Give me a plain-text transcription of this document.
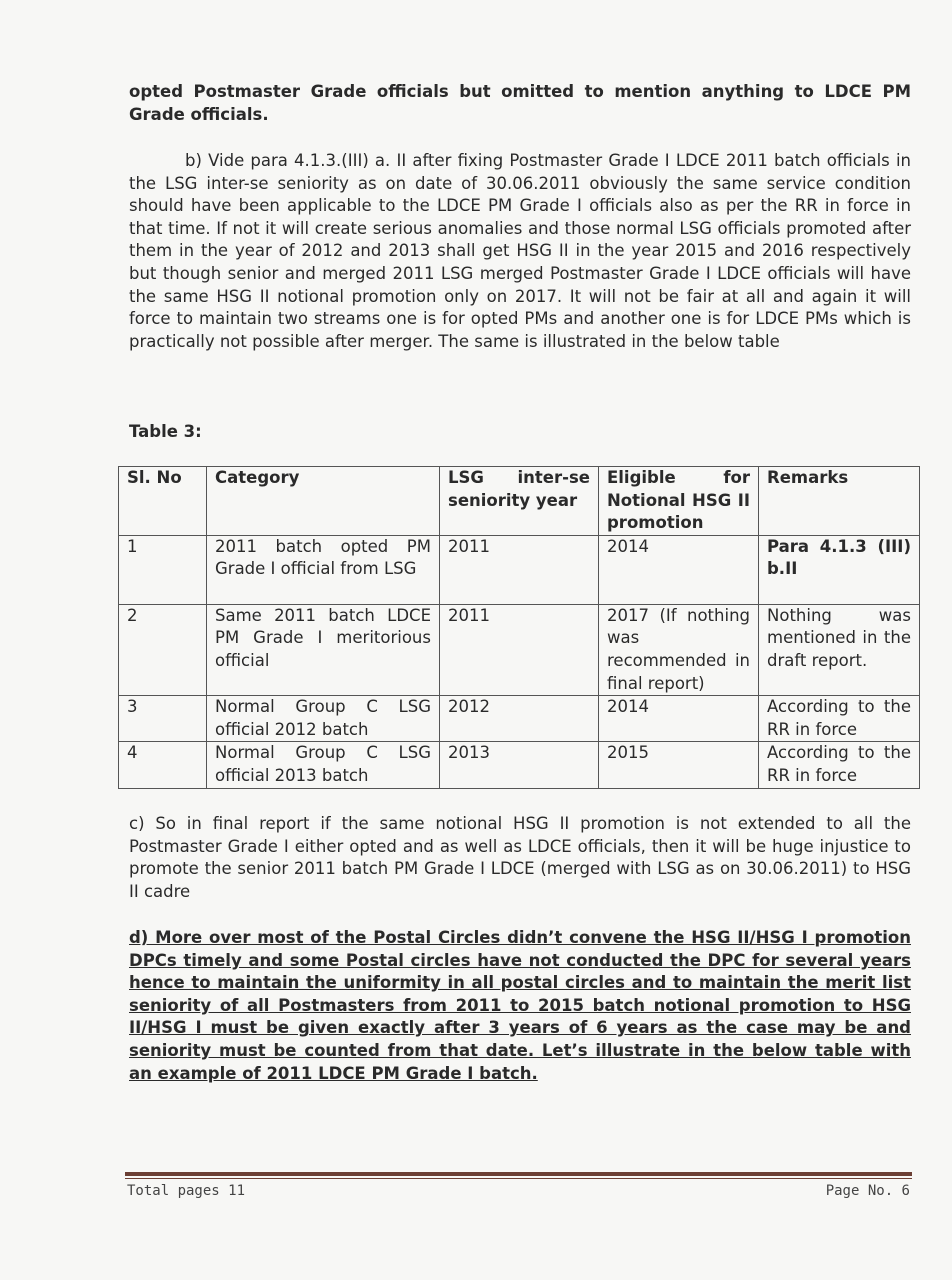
opted Postmaster Grade officials but omitted to mention anything to LDCE PM Grade officials.

b) Vide para 4.1.3.(III) a. II after fixing Postmaster Grade I LDCE 2011 batch officials in the LSG inter-se seniority as on date of 30.06.2011 obviously the same service condition should have been applicable to the LDCE PM Grade I officials also as per the RR in force in that time. If not it will create serious anomalies and those normal LSG officials promoted after them in the year of 2012 and 2013 shall get HSG II in the year 2015 and 2016 respectively but though senior and merged 2011 LSG merged Postmaster Grade I LDCE officials will have the same HSG II notional promotion only on 2017. It will not be fair at all and again it will force to maintain two streams one is for opted PMs and another one is for LDCE PMs which is practically not possible after merger. The same is illustrated in the below table

Table 3:

Sl. No	Category	LSG inter-se seniority year	Eligible for Notional HSG II promotion	Remarks
1	2011 batch opted PM Grade I official from LSG	2011	2014	Para 4.1.3 (III) b.II
2	Same 2011 batch LDCE PM Grade I meritorious official	2011	2017 (If nothing was recommended in final report)	Nothing was mentioned in the draft report.
3	Normal Group C LSG official 2012 batch	2012	2014	According to the RR in force
4	Normal Group C LSG official 2013 batch	2013	2015	According to the RR in force

c) So in final report if the same notional HSG II promotion is not extended to all the Postmaster Grade I either opted and as well as LDCE officials, then it will be huge injustice to promote the senior 2011 batch PM Grade I LDCE (merged with LSG as on 30.06.2011) to HSG II cadre

d) More over most of the Postal Circles didn’t convene the HSG II/HSG I promotion DPCs timely and some Postal circles have not conducted the DPC for several years hence to maintain the uniformity in all postal circles and to maintain the merit list seniority of all Postmasters from 2011 to 2015 batch notional promotion to HSG II/HSG I must be given exactly after 3 years of 6 years as the case may be and seniority must be counted from that date. Let’s illustrate in the below table with an example of 2011 LDCE PM Grade I batch.

Total pages 11	Page No. 6
